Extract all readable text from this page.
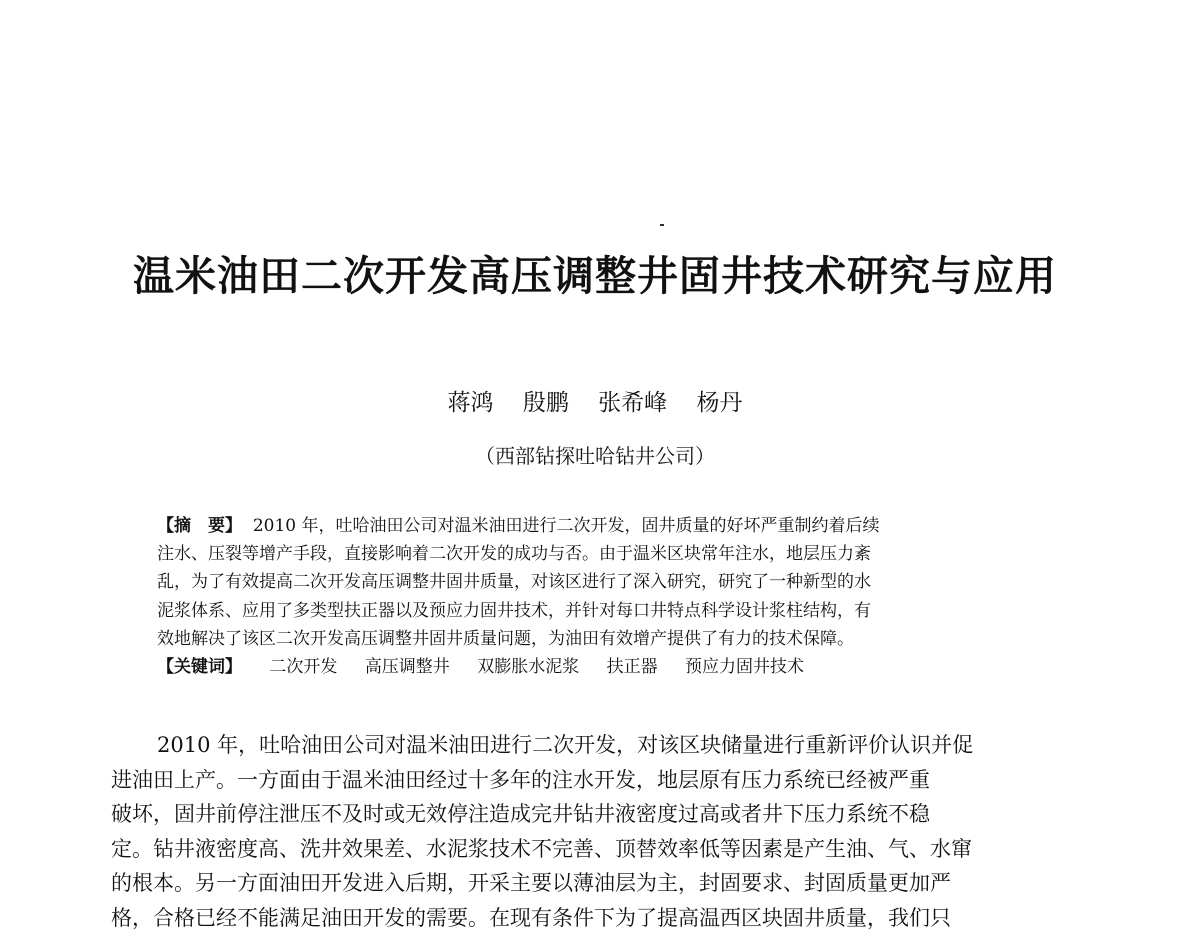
温米油田二次开发高压调整井固井技术研究与应用
蒋鸿 殷鹏 张希峰 杨丹
（西部钻探吐哈钻井公司）
【摘　要】 2010 年，吐哈油田公司对温米油田进行二次开发，固井质量的好坏严重制约着后续
注水、压裂等增产手段，直接影响着二次开发的成功与否。由于温米区块常年注水，地层压力紊
乱，为了有效提高二次开发高压调整井固井质量，对该区进行了深入研究，研究了一种新型的水
泥浆体系、应用了多类型扶正器以及预应力固井技术，并针对每口井特点科学设计浆柱结构，有
效地解决了该区二次开发高压调整井固井质量问题，为油田有效增产提供了有力的技术保障。
【关键词】 二次开发 高压调整井 双膨胀水泥浆 扶正器 预应力固井技术
2010 年，吐哈油田公司对温米油田进行二次开发，对该区块储量进行重新评价认识并促
进油田上产。一方面由于温米油田经过十多年的注水开发，地层原有压力系统已经被严重
破坏，固井前停注泄压不及时或无效停注造成完井钻井液密度过高或者井下压力系统不稳
定。钻井液密度高、洗井效果差、水泥浆技术不完善、顶替效率低等因素是产生油、气、水窜
的根本。另一方面油田开发进入后期，开采主要以薄油层为主，封固要求、封固质量更加严
格，合格已经不能满足油田开发的需要。在现有条件下为了提高温西区块固井质量，我们只
